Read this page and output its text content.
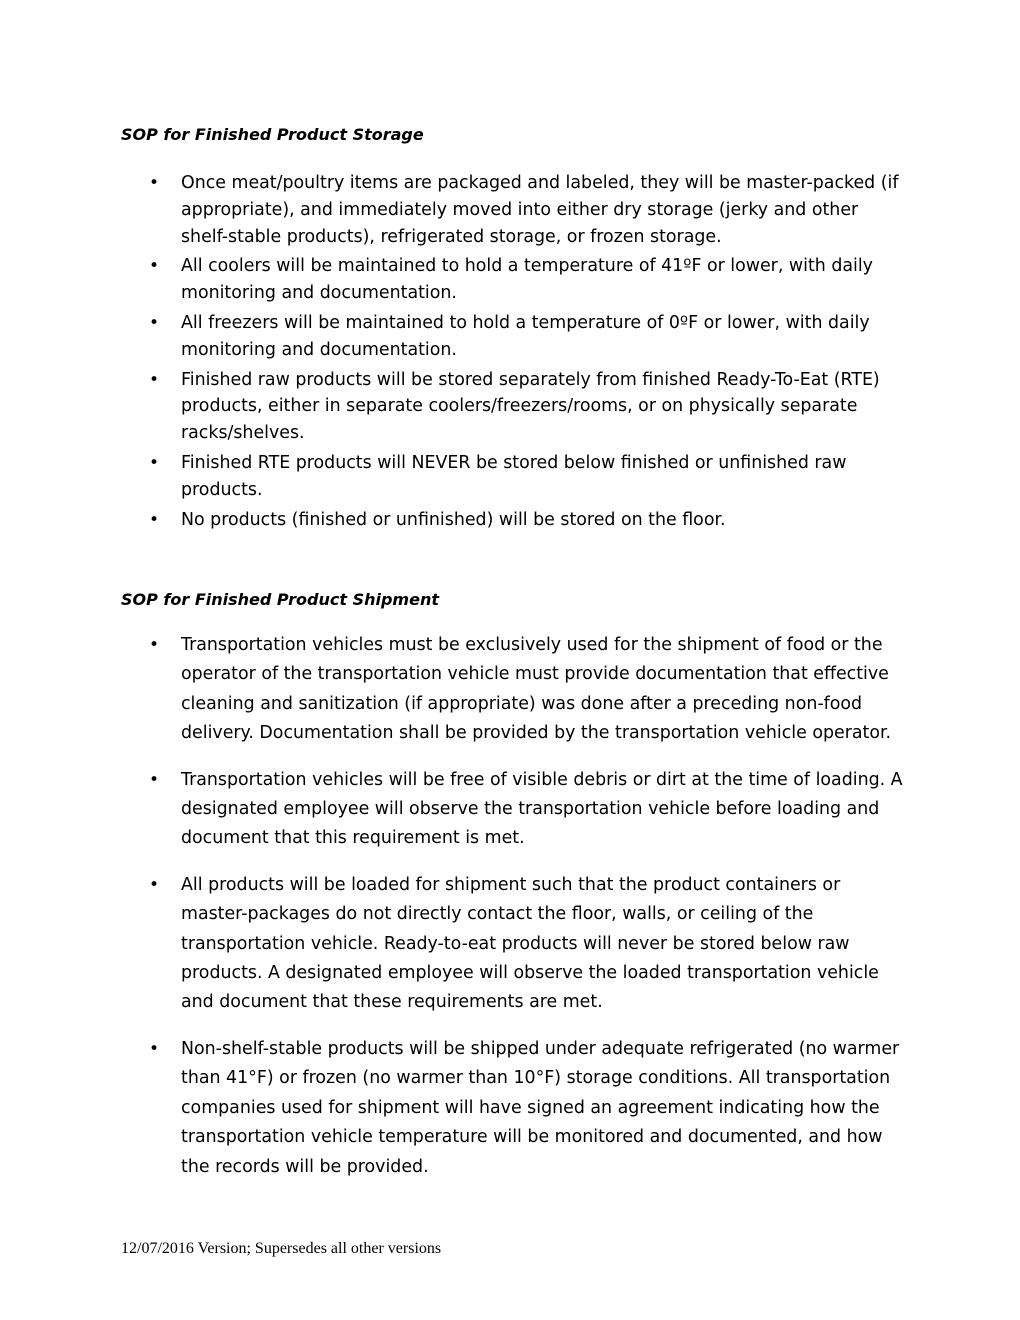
SOP for Finished Product Storage
• Once meat/poultry items are packaged and labeled, they will be master-packed (if appropriate), and immediately moved into either dry storage (jerky and other shelf-stable products), refrigerated storage, or frozen storage.
• All coolers will be maintained to hold a temperature of 41ºF or lower, with daily monitoring and documentation.
• All freezers will be maintained to hold a temperature of 0ºF or lower, with daily monitoring and documentation.
• Finished raw products will be stored separately from finished Ready-To-Eat (RTE) products, either in separate coolers/freezers/rooms, or on physically separate racks/shelves.
• Finished RTE products will NEVER be stored below finished or unfinished raw products.
• No products (finished or unfinished) will be stored on the floor.
SOP for Finished Product Shipment
• Transportation vehicles must be exclusively used for the shipment of food or the operator of the transportation vehicle must provide documentation that effective cleaning and sanitization (if appropriate) was done after a preceding non-food delivery. Documentation shall be provided by the transportation vehicle operator.
• Transportation vehicles will be free of visible debris or dirt at the time of loading. A designated employee will observe the transportation vehicle before loading and document that this requirement is met.
• All products will be loaded for shipment such that the product containers or master-packages do not directly contact the floor, walls, or ceiling of the transportation vehicle. Ready-to-eat products will never be stored below raw products. A designated employee will observe the loaded transportation vehicle and document that these requirements are met.
• Non-shelf-stable products will be shipped under adequate refrigerated (no warmer than 41°F) or frozen (no warmer than 10°F) storage conditions. All transportation companies used for shipment will have signed an agreement indicating how the transportation vehicle temperature will be monitored and documented, and how the records will be provided.
12/07/2016 Version; Supersedes all other versions
